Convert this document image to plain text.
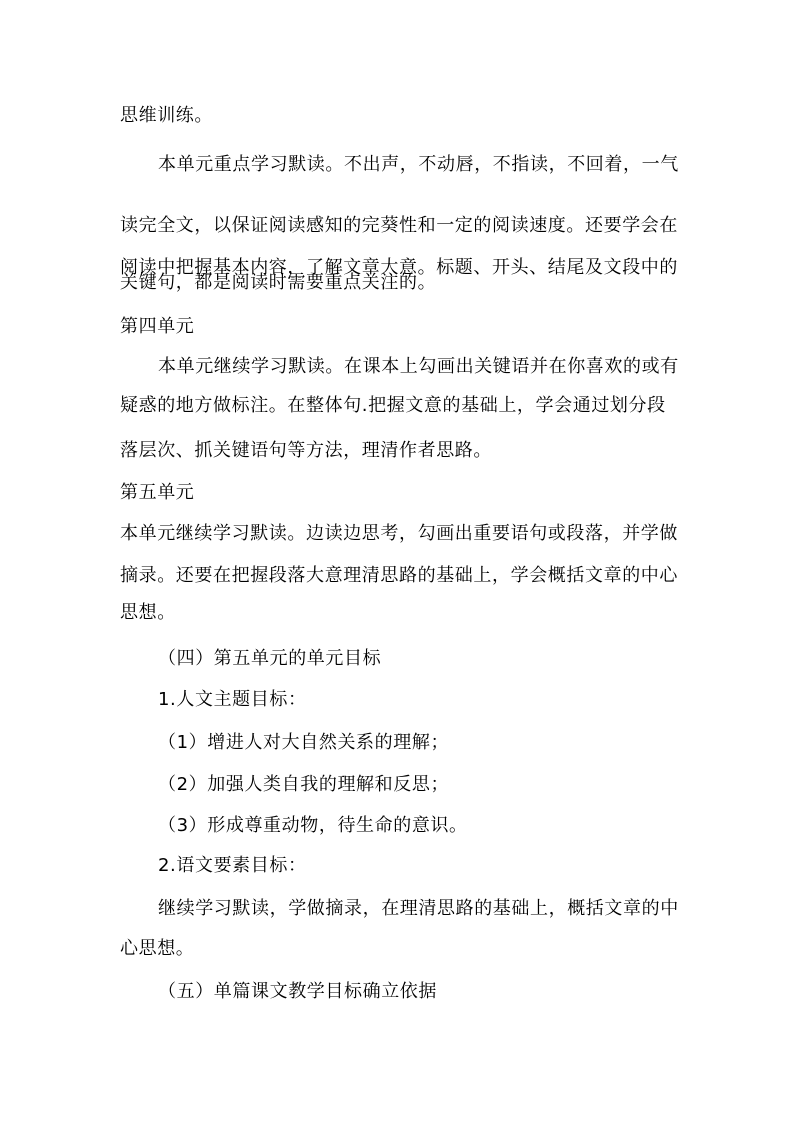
思维训练。
本单元重点学习默读。不出声，不动唇，不指读，不回着，一气
读完全文，以保证阅读感知的完葵性和一定的阅读速度。还要学会在
阅读中把握基本内容，了解文章大意。标题、开头、结尾及文段中的
关键句，都是阅读时需要重点关注的。
第四单元
本单元继续学习默读。在课本上勾画出关键语并在你喜欢的或有
疑惑的地方做标注。在整体句.把握文意的基础上，学会通过划分段
落层次、抓关键语句等方法，理清作者思路。
第五单元
本单元继续学习默读。边读边思考，勾画出重要语句或段落，并学做
摘录。还要在把握段落大意理清思路的基础上，学会概括文章的中心
思想。
（四）第五单元的单元目标
1.人文主题目标：
（1）增进人对大自然关系的理解；
（2）加强人类自我的理解和反思；
（3）形成尊重动物，待生命的意识。
2.语文要素目标：
继续学习默读，学做摘录，在理清思路的基础上，概括文章的中
心思想。
（五）单篇课文教学目标确立依据
